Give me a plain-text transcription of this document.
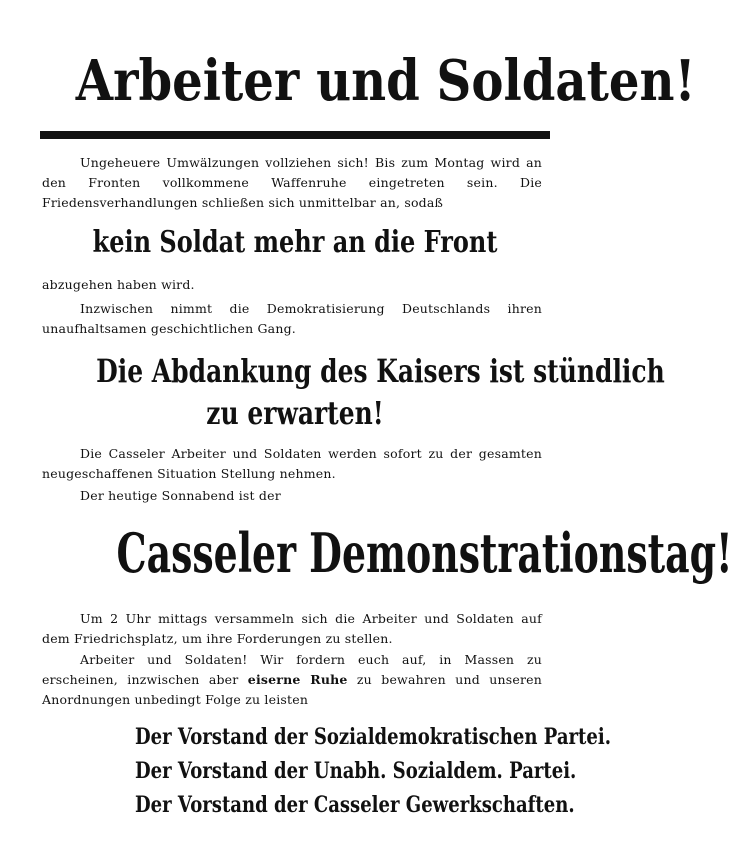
Arbeiter und Soldaten!
Ungeheuere Umwälzungen vollziehen sich! Bis zum Montag wird an den Fronten vollkommene Waffenruhe eingetreten sein. Die Friedensverhandlungen schließen sich unmittelbar an, sodaß
kein Soldat mehr an die Front
abzugehen haben wird.
Inzwischen nimmt die Demokratisierung Deutschlands ihren unaufhaltsamen geschichtlichen Gang.
Die Abdankung des Kaisers ist stündlich
zu erwarten!
Die Casseler Arbeiter und Soldaten werden sofort zu der gesamten neugeschaffenen Situation Stellung nehmen.
Der heutige Sonnabend ist der
Casseler Demonstrationstag!
Um 2 Uhr mittags versammeln sich die Arbeiter und Soldaten auf dem Friedrichsplatz, um ihre Forderungen zu stellen.
Arbeiter und Soldaten! Wir fordern euch auf, in Massen zu erscheinen, inzwischen aber eiserne Ruhe zu bewahren und unseren Anordnungen unbedingt Folge zu leisten
Der Vorstand der Sozialdemokratischen Partei.
Der Vorstand der Unabh. Sozialdem. Partei.
Der Vorstand der Casseler Gewerkschaften.
